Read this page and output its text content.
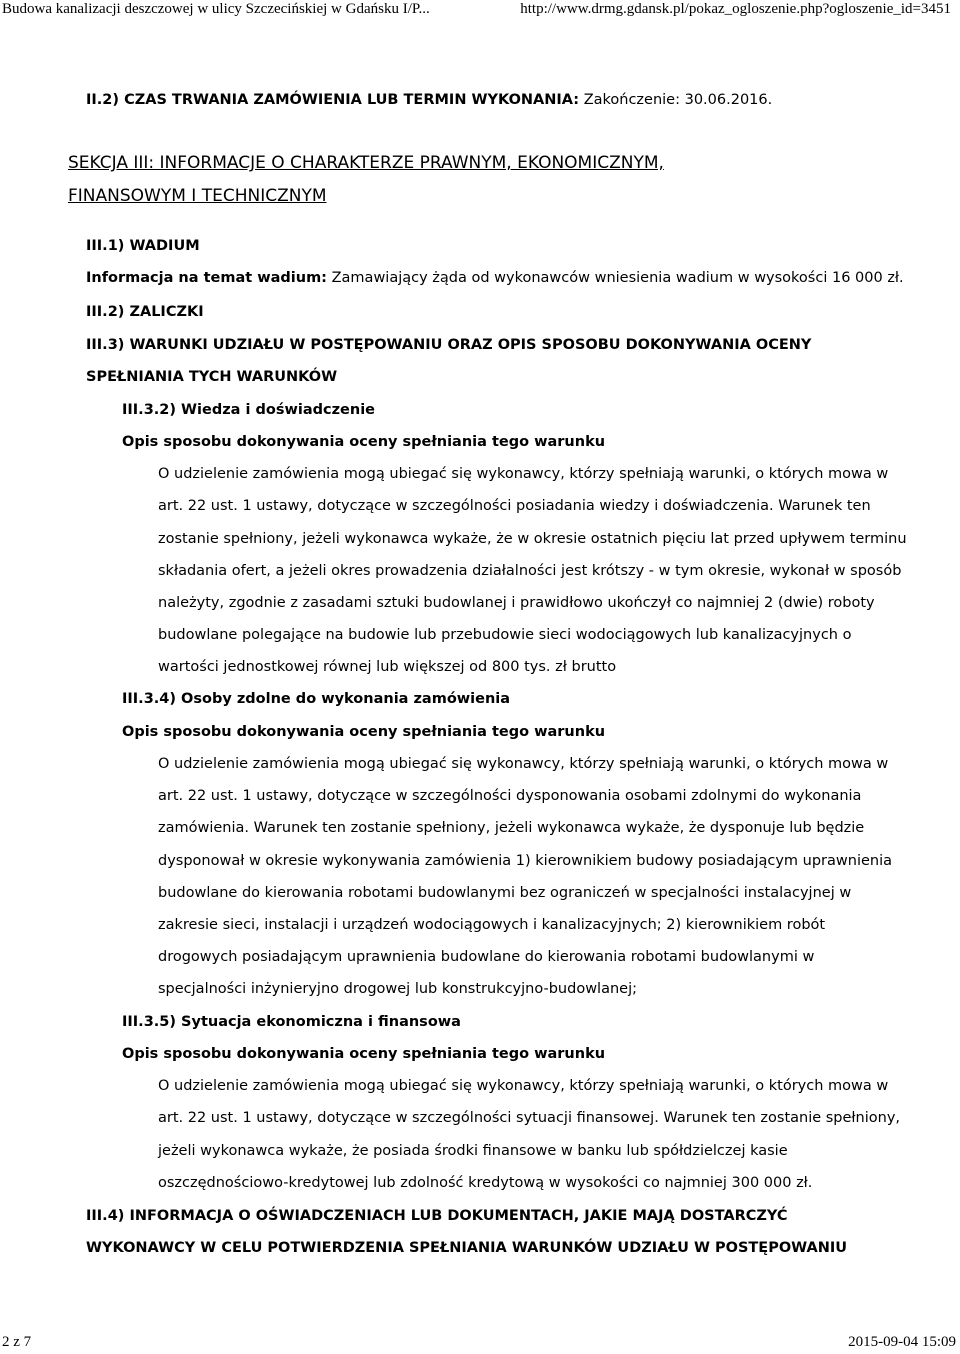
Budowa kanalizacji deszczowej w ulicy Szczecińskiej w Gdańsku I/P...	http://www.drmg.gdansk.pl/pokaz_ogloszenie.php?ogloszenie_id=3451
II.2) CZAS TRWANIA ZAMÓWIENIA LUB TERMIN WYKONANIA: Zakończenie: 30.06.2016.
SEKCJA III: INFORMACJE O CHARAKTERZE PRAWNYM, EKONOMICZNYM,
FINANSOWYM I TECHNICZNYM
III.1) WADIUM
Informacja na temat wadium: Zamawiający żąda od wykonawców wniesienia wadium w wysokości 16 000 zł.
III.2) ZALICZKI
III.3) WARUNKI UDZIAŁU W POSTĘPOWANIU ORAZ OPIS SPOSOBU DOKONYWANIA OCENY
SPEŁNIANIA TYCH WARUNKÓW
III.3.2) Wiedza i doświadczenie
Opis sposobu dokonywania oceny spełniania tego warunku
O udzielenie zamówienia mogą ubiegać się wykonawcy, którzy spełniają warunki, o których mowa w
art. 22 ust. 1 ustawy, dotyczące w szczególności posiadania wiedzy i doświadczenia. Warunek ten
zostanie spełniony, jeżeli wykonawca wykaże, że w okresie ostatnich pięciu lat przed upływem terminu
składania ofert, a jeżeli okres prowadzenia działalności jest krótszy - w tym okresie, wykonał w sposób
należyty, zgodnie z zasadami sztuki budowlanej i prawidłowo ukończył co najmniej 2 (dwie) roboty
budowlane polegające na budowie lub przebudowie sieci wodociągowych lub kanalizacyjnych o
wartości jednostkowej równej lub większej od 800 tys. zł brutto
III.3.4) Osoby zdolne do wykonania zamówienia
Opis sposobu dokonywania oceny spełniania tego warunku
O udzielenie zamówienia mogą ubiegać się wykonawcy, którzy spełniają warunki, o których mowa w
art. 22 ust. 1 ustawy, dotyczące w szczególności dysponowania osobami zdolnymi do wykonania
zamówienia. Warunek ten zostanie spełniony, jeżeli wykonawca wykaże, że dysponuje lub będzie
dysponował w okresie wykonywania zamówienia 1) kierownikiem budowy posiadającym uprawnienia
budowlane do kierowania robotami budowlanymi bez ograniczeń w specjalności instalacyjnej w
zakresie sieci, instalacji i urządzeń wodociągowych i kanalizacyjnych; 2) kierownikiem robót
drogowych posiadającym uprawnienia budowlane do kierowania robotami budowlanymi w
specjalności inżynieryjno drogowej lub konstrukcyjno-budowlanej;
III.3.5) Sytuacja ekonomiczna i finansowa
Opis sposobu dokonywania oceny spełniania tego warunku
O udzielenie zamówienia mogą ubiegać się wykonawcy, którzy spełniają warunki, o których mowa w
art. 22 ust. 1 ustawy, dotyczące w szczególności sytuacji finansowej. Warunek ten zostanie spełniony,
jeżeli wykonawca wykaże, że posiada środki finansowe w banku lub spółdzielczej kasie
oszczędnościowo-kredytowej lub zdolność kredytową w wysokości co najmniej 300 000 zł.
III.4) INFORMACJA O OŚWIADCZENIACH LUB DOKUMENTACH, JAKIE MAJĄ DOSTARCZYĆ
WYKONAWCY W CELU POTWIERDZENIA SPEŁNIANIA WARUNKÓW UDZIAŁU W POSTĘPOWANIU
2 z 7	2015-09-04 15:09
